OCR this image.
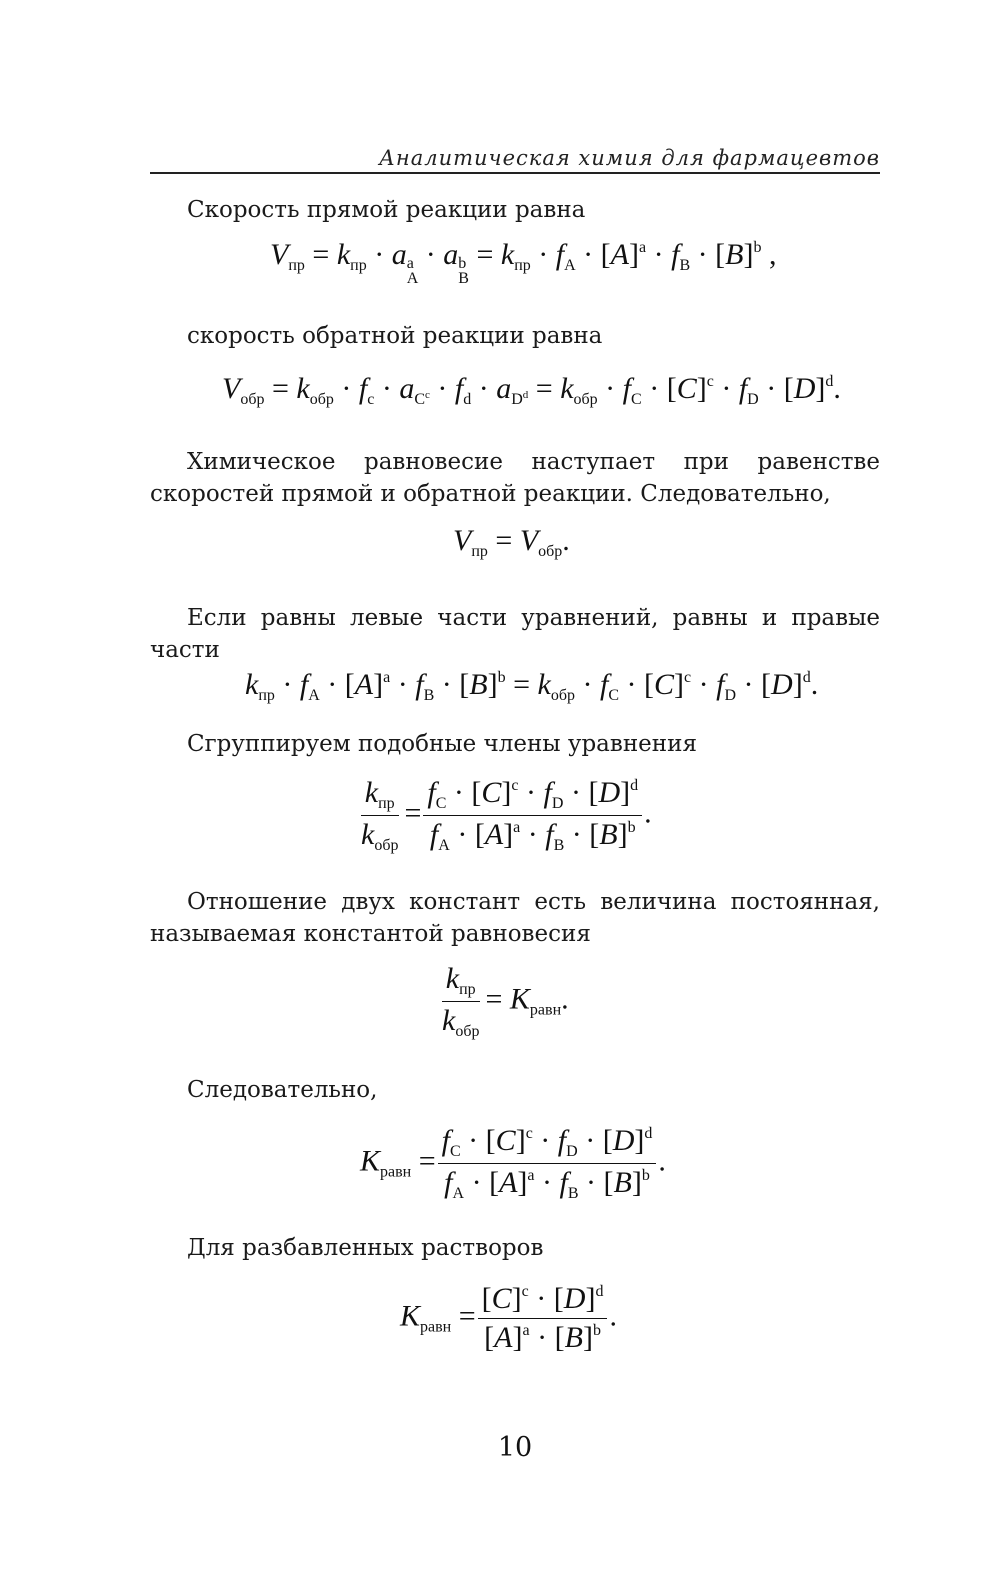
Аналитическая химия для фармацевтов
Скорость прямой реакции равна
$V_{пр} = k_{пр} \cdot a$ a
A
· a b
B
= $k_{пр} \cdot f_A \cdot [A]^a \cdot f_B \cdot [B]^b$ ,
скорость обратной реакции равна
$V_{обр} = k_{обр} \cdot f_c \cdot a_{C^c} \cdot f_d \cdot a_{D^d} = k_{обр} \cdot f_C \cdot [C]^c \cdot f_D \cdot [D]^d$.
Химическое равновесие наступает при равенстве скоростей прямой и обратной реакции. Следовательно,
$V_{пр} = V_{обр}$.
Если равны левые части уравнений, равны и правые части
$k_{пр} \cdot f_A \cdot [A]^a \cdot f_B \cdot [B]^b = k_{обр} \cdot f_C \cdot [C]^c \cdot f_D \cdot [D]^d$.
Сгруппируем подобные члены уравнения
$\frac{k_{пр}}{k_{обр}} = \frac{f_C \cdot [C]^c \cdot f_D \cdot [D]^d}{f_A \cdot [A]^a \cdot f_B \cdot [B]^b}$ .
Отношение двух констант есть величина постоянная, называемая константой равновесия
$\frac{k_{пр}}{k_{обр}} = K_{равн}$.
Следовательно,
$K_{равн} = \frac{f_C \cdot [C]^c \cdot f_D \cdot [D]^d}{f_A \cdot [A]^a \cdot f_B \cdot [B]^b}$ .
Для разбавленных растворов
$K_{равн} = \frac{[C]^c \cdot [D]^d}{[A]^a \cdot [B]^b}$ .
10
